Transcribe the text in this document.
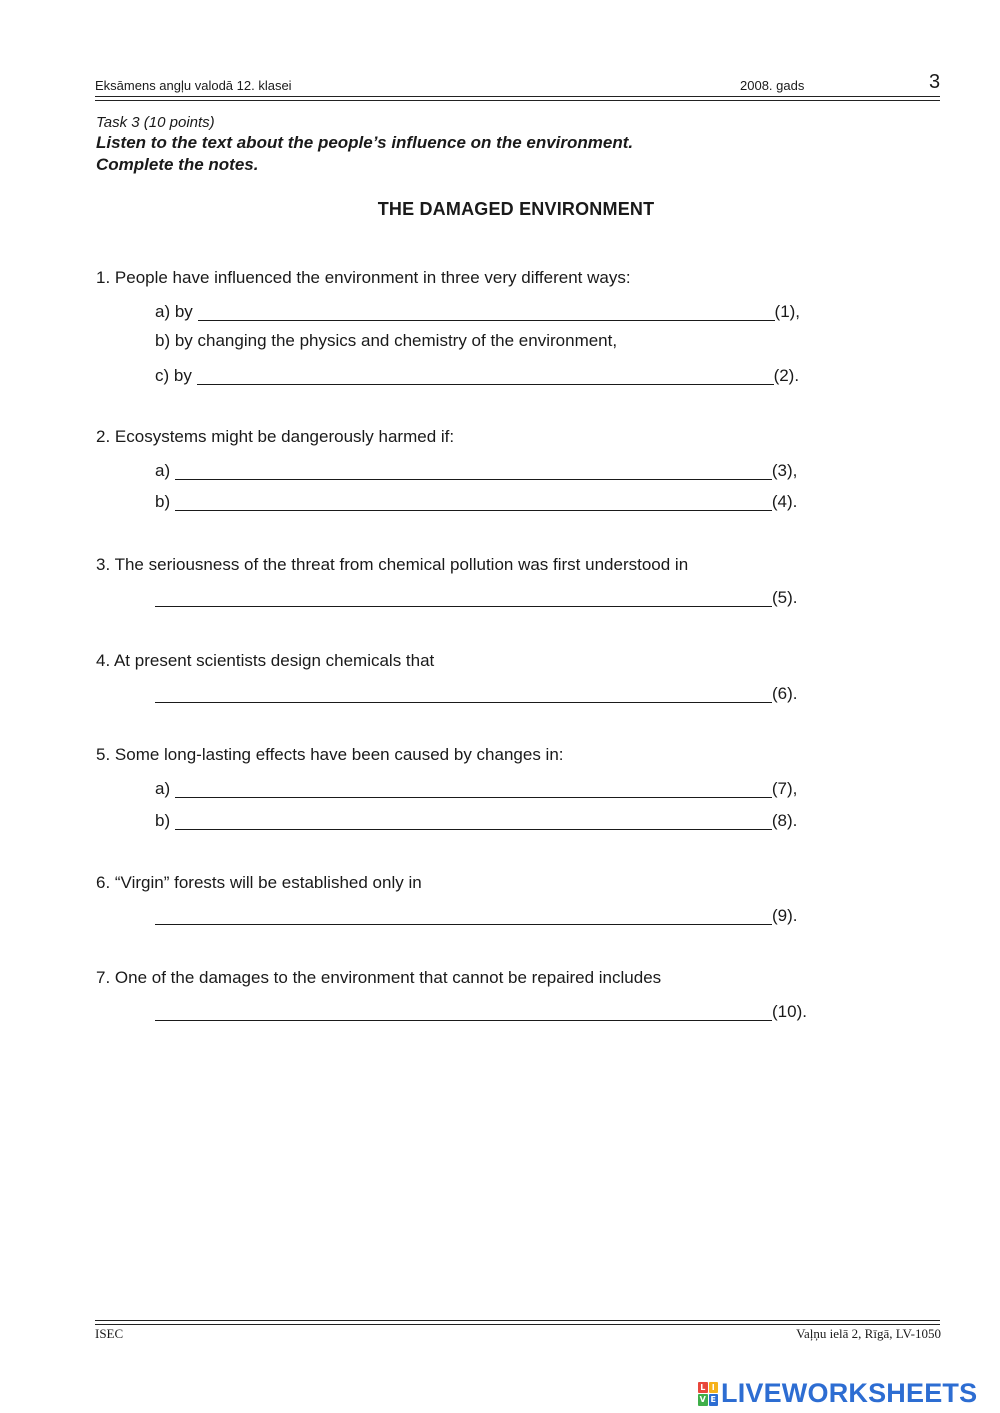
Eksāmens angļu valodā 12. klasei	2008. gads	3
Task 3 (10 points)
Listen to the text about the people’s influence on the environment.
Complete the notes.
THE DAMAGED ENVIRONMENT
1. People have influenced the environment in three very different ways:
a) by	(1),
b) by changing the physics and chemistry of the environment,
c) by	(2).
2. Ecosystems might be dangerously harmed if:
a)	(3),
b)	(4).
3. The seriousness of the threat from chemical pollution was first understood in
(5).
4. At present scientists design chemicals that
(6).
5. Some long-lasting effects have been caused by changes in:
a)	(7),
b)	(8).
6. “Virgin” forests will be established only in
(9).
7. One of the damages to the environment that cannot be repaired includes
(10).
ISEC	Vaļņu ielā 2, Rīgā, LV-1050
L I
V E LIVEWORKSHEETS
